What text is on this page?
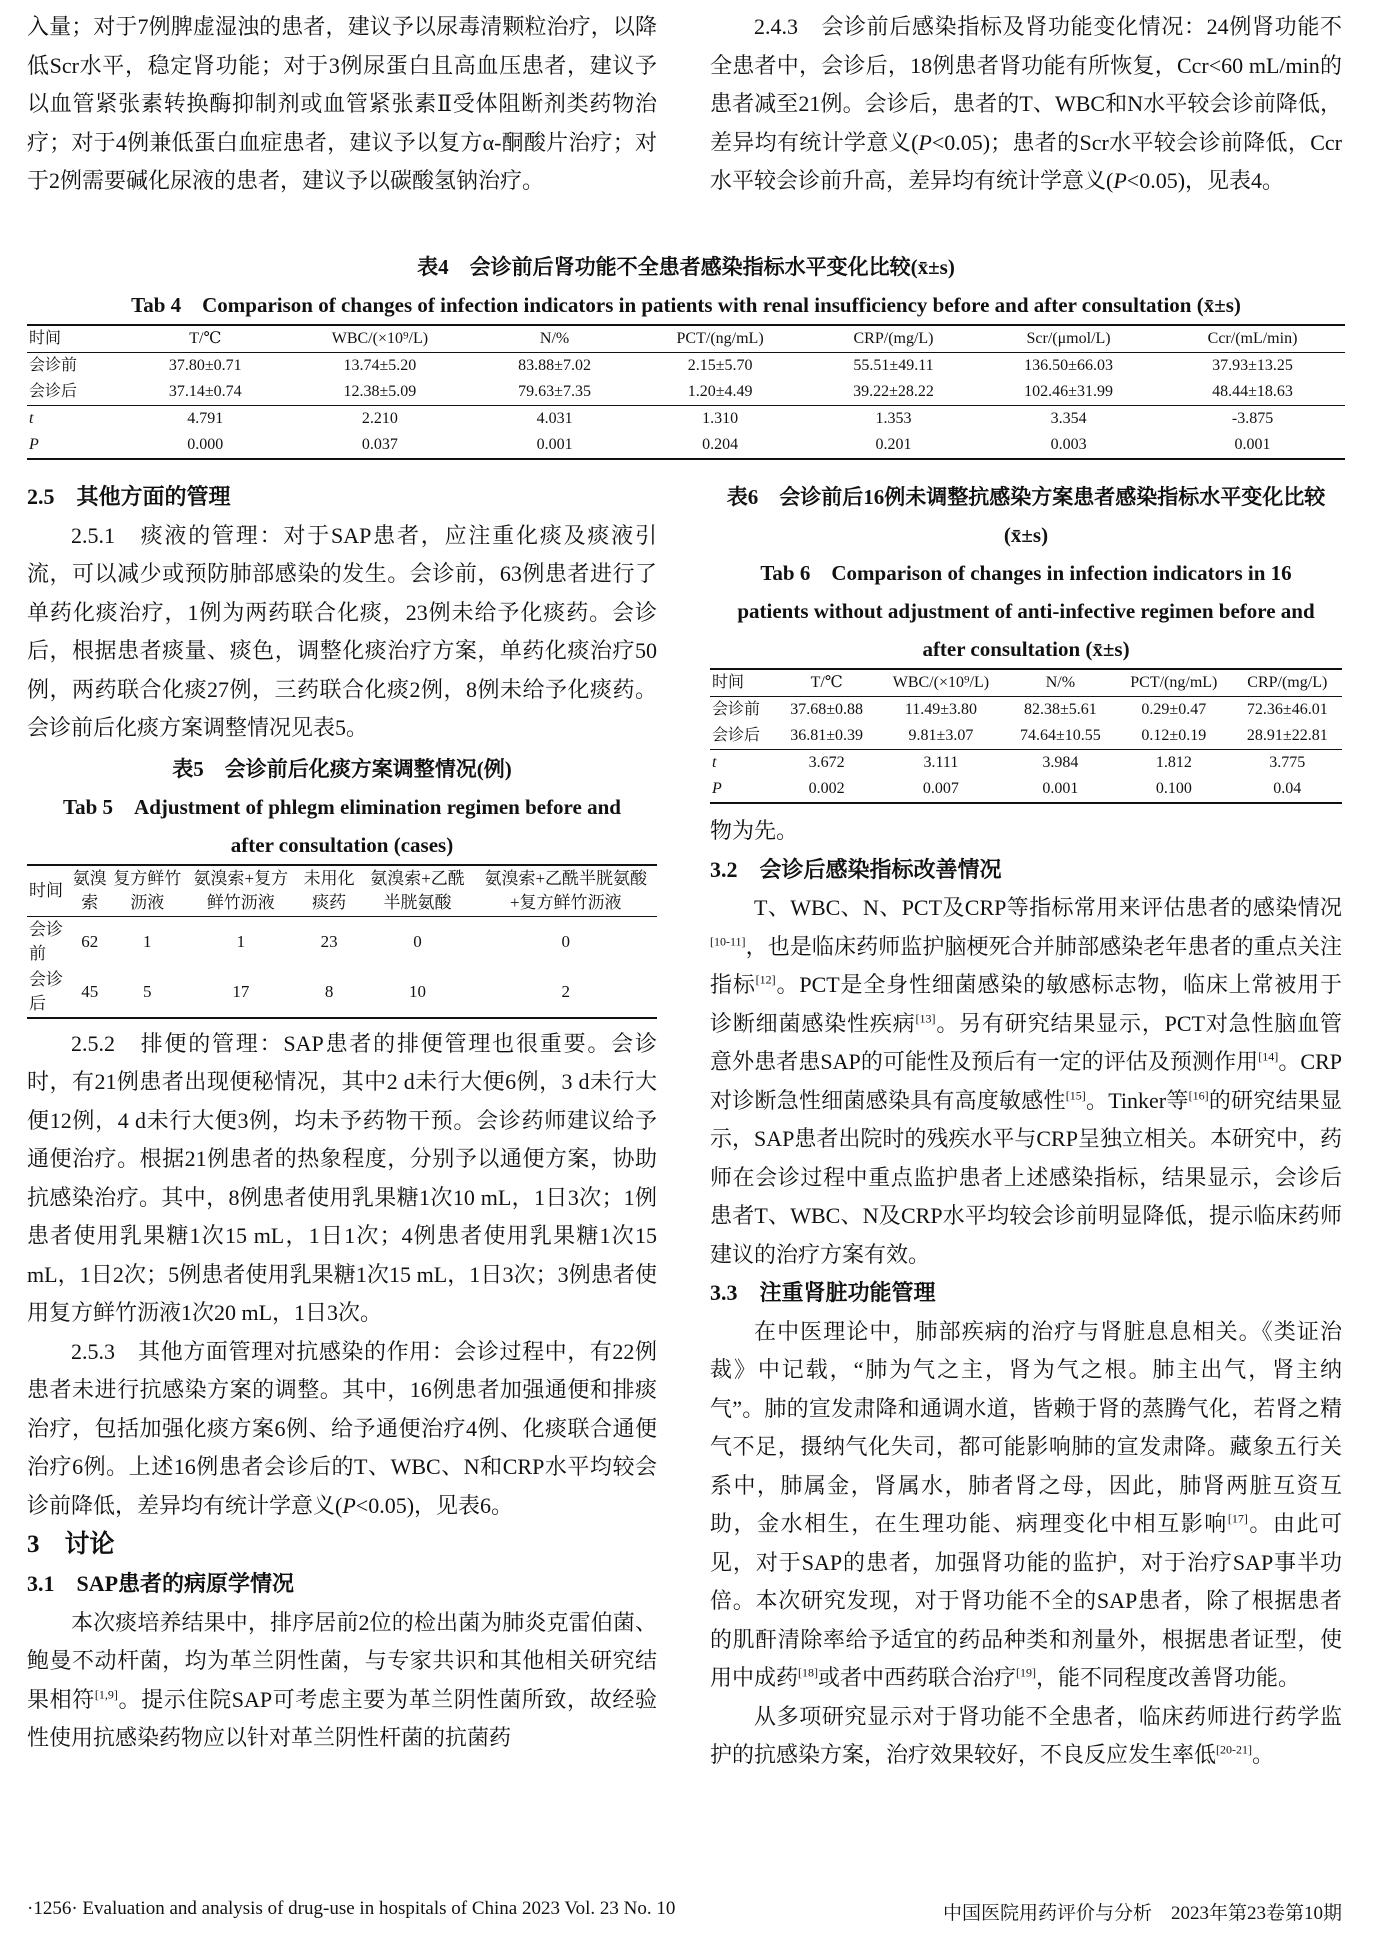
入量；对于7例脾虚湿浊的患者，建议予以尿毒清颗粒治疗，以降低Scr水平，稳定肾功能；对于3例尿蛋白且高血压患者，建议予以血管紧张素转换酶抑制剂或血管紧张素Ⅱ受体阻断剂类药物治疗；对于4例兼低蛋白血症患者，建议予以复方α-酮酸片治疗；对于2例需要碱化尿液的患者，建议予以碳酸氢钠治疗。

2.4.3　会诊前后感染指标及肾功能变化情况：24例肾功能不全患者中，会诊后，18例患者肾功能有所恢复，Ccr<60 mL/min的患者减至21例。会诊后，患者的T、WBC和N水平较会诊前降低，差异均有统计学意义(P<0.05)；患者的Scr水平较会诊前降低，Ccr水平较会诊前升高，差异均有统计学意义(P<0.05)，见表4。

表4　会诊前后肾功能不全患者感染指标水平变化比较(x̄±s)
Tab 4　Comparison of changes of infection indicators in patients with renal insufficiency before and after consultation (x̄±s)
时间	T/℃	WBC/(×10⁹/L)	N/%	PCT/(ng/mL)	CRP/(mg/L)	Scr/(μmol/L)	Ccr/(mL/min)
会诊前	37.80±0.71	13.74±5.20	83.88±7.02	2.15±5.70	55.51±49.11	136.50±66.03	37.93±13.25
会诊后	37.14±0.74	12.38±5.09	79.63±7.35	1.20±4.49	39.22±28.22	102.46±31.99	48.44±18.63
t	4.791	2.210	4.031	1.310	1.353	3.354	-3.875
P	0.000	0.037	0.001	0.204	0.201	0.003	0.001
2.5　其他方面的管理

2.5.1　痰液的管理：对于SAP患者，应注重化痰及痰液引流，可以减少或预防肺部感染的发生。会诊前，63例患者进行了单药化痰治疗，1例为两药联合化痰，23例未给予化痰药。会诊后，根据患者痰量、痰色，调整化痰治疗方案，单药化痰治疗50例，两药联合化痰27例，三药联合化痰2例，8例未给予化痰药。会诊前后化痰方案调整情况见表5。

表5　会诊前后化痰方案调整情况(例)
Tab 5　Adjustment of phlegm elimination regimen before and after consultation (cases)
时间	氨溴索	复方鲜竹沥液	氨溴索+复方鲜竹沥液	未用化痰药	氨溴索+乙酰半胱氨酸	氨溴索+乙酰半胱氨酸+复方鲜竹沥液
会诊前	62	1	1	23	0	0
会诊后	45	5	17	8	10	2

2.5.2　排便的管理：SAP患者的排便管理也很重要。会诊时，有21例患者出现便秘情况，其中2 d未行大便6例，3 d未行大便12例，4 d未行大便3例，均未予药物干预。会诊药师建议给予通便治疗。根据21例患者的热象程度，分别予以通便方案，协助抗感染治疗。其中，8例患者使用乳果糖1次10 mL，1日3次；1例患者使用乳果糖1次15 mL，1日1次；4例患者使用乳果糖1次15 mL，1日2次；5例患者使用乳果糖1次15 mL，1日3次；3例患者使用复方鲜竹沥液1次20 mL，1日3次。

2.5.3　其他方面管理对抗感染的作用：会诊过程中，有22例患者未进行抗感染方案的调整。其中，16例患者加强通便和排痰治疗，包括加强化痰方案6例、给予通便治疗4例、化痰联合通便治疗6例。上述16例患者会诊后的T、WBC、N和CRP水平均较会诊前降低，差异均有统计学意义(P<0.05)，见表6。

3　讨论
3.1　SAP患者的病原学情况

本次痰培养结果中，排序居前2位的检出菌为肺炎克雷伯菌、鲍曼不动杆菌，均为革兰阴性菌，与专家共识和其他相关研究结果相符[1,9]。提示住院SAP可考虑主要为革兰阴性菌所致，故经验性使用抗感染药物应以针对革兰阴性杆菌的抗菌药

表6　会诊前后16例未调整抗感染方案患者感染指标水平变化比较(x̄±s)
Tab 6　Comparison of changes in infection indicators in 16 patients without adjustment of anti-infective regimen before and after consultation (x̄±s)
时间	T/℃	WBC/(×10⁹/L)	N/%	PCT/(ng/mL)	CRP/(mg/L)
会诊前	37.68±0.88	11.49±3.80	82.38±5.61	0.29±0.47	72.36±46.01
会诊后	36.81±0.39	9.81±3.07	74.64±10.55	0.12±0.19	28.91±22.81
t	3.672	3.111	3.984	1.812	3.775
P	0.002	0.007	0.001	0.100	0.04

物为先。

3.2　会诊后感染指标改善情况

T、WBC、N、PCT及CRP等指标常用来评估患者的感染情况[10-11]，也是临床药师监护脑梗死合并肺部感染老年患者的重点关注指标[12]。PCT是全身性细菌感染的敏感标志物，临床上常被用于诊断细菌感染性疾病[13]。另有研究结果显示，PCT对急性脑血管意外患者患SAP的可能性及预后有一定的评估及预测作用[14]。CRP对诊断急性细菌感染具有高度敏感性[15]。Tinker等[16]的研究结果显示，SAP患者出院时的残疾水平与CRP呈独立相关。本研究中，药师在会诊过程中重点监护患者上述感染指标，结果显示，会诊后患者T、WBC、N及CRP水平均较会诊前明显降低，提示临床药师建议的治疗方案有效。

3.3　注重肾脏功能管理

在中医理论中，肺部疾病的治疗与肾脏息息相关。《类证治裁》中记载，“肺为气之主，肾为气之根。肺主出气，肾主纳气”。肺的宣发肃降和通调水道，皆赖于肾的蒸腾气化，若肾之精气不足，摄纳气化失司，都可能影响肺的宣发肃降。藏象五行关系中，肺属金，肾属水，肺者肾之母，因此，肺肾两脏互资互助，金水相生，在生理功能、病理变化中相互影响[17]。由此可见，对于SAP的患者，加强肾功能的监护，对于治疗SAP事半功倍。本次研究发现，对于肾功能不全的SAP患者，除了根据患者的肌酐清除率给予适宜的药品种类和剂量外，根据患者证型，使用中成药[18]或者中西药联合治疗[19]，能不同程度改善肾功能。

从多项研究显示对于肾功能不全患者，临床药师进行药学监护的抗感染方案，治疗效果较好，不良反应发生率低[20-21]。

·1256· Evaluation and analysis of drug-use in hospitals of China 2023 Vol. 23 No. 10	中国医院用药评价与分析　2023年第23卷第10期
